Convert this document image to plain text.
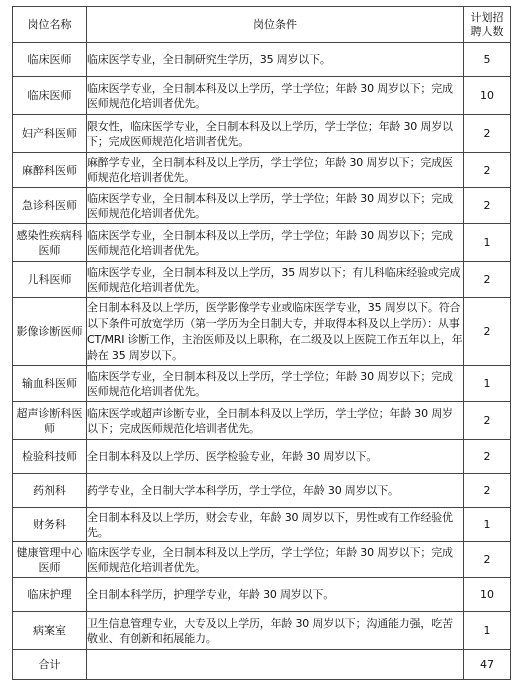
岗位名称	岗位条件	计划招聘人数
临床医师	临床医学专业，全日制研究生学历，35 周岁以下。	5
临床医师	临床医学专业，全日制本科及以上学历，学士学位；年龄 30 周岁以下；完成医师规范化培训者优先。	10
妇产科医师	限女性，临床医学专业，全日制本科及以上学历，学士学位；年龄 30 周岁以下；完成医师规范化培训者优先。	2
麻醉科医师	麻醉学专业，全日制本科及以上学历，学士学位；年龄 30 周岁以下；完成医师规范化培训者优先。	2
急诊科医师	临床医学专业，全日制本科及以上学历，学士学位；年龄 30 周岁以下；完成医师规范化培训者优先。	2
感染性疾病科医师	临床医学专业，全日制本科及以上学历，学士学位；年龄 30 周岁以下；完成医师规范化培训者优先。	1
儿科医师	临床医学专业，全日制本科及以上学历，35 周岁以下；有儿科临床经验或完成医师规范化培训者优先。	2
影像诊断医师	全日制本科及以上学历，医学影像学专业或临床医学专业，35 周岁以下。符合以下条件可放宽学历（第一学历为全日制大专，并取得本科及以上学历）：从事 CT/MRI 诊断工作，主治医师及以上职称，在二级及以上医院工作五年以上，年龄在 35 周岁以下。	2
输血科医师	临床医学专业，全日制本科及以上学历，学士学位；年龄 30 周岁以下；完成医师规范化培训者优先。	1
超声诊断科医师	临床医学或超声诊断专业，全日制本科及以上学历，学士学位；年龄 30 周岁以下；完成医师规范化培训者优先。	2
检验科技师	全日制本科及以上学历、医学检验专业，年龄 30 周岁以下。	2
药剂科	药学专业，全日制大学本科学历，学士学位，年龄 30 周岁以下。	2
财务科	全日制本科及以上学历，财会专业，年龄 30 周岁以下，男性或有工作经验优先。	1
健康管理中心 医师	临床医学专业，全日制本科及以上学历，学士学位；年龄 30 周岁以下；完成医师规范化培训者优先。	2
临床护理	全日制本科学历，护理学专业，年龄 30 周岁以下。	10
病案室	卫生信息管理专业，大专及以上学历，年龄 30 周岁以下；沟通能力强，吃苦敬业、有创新和拓展能力。	1
合计		47
